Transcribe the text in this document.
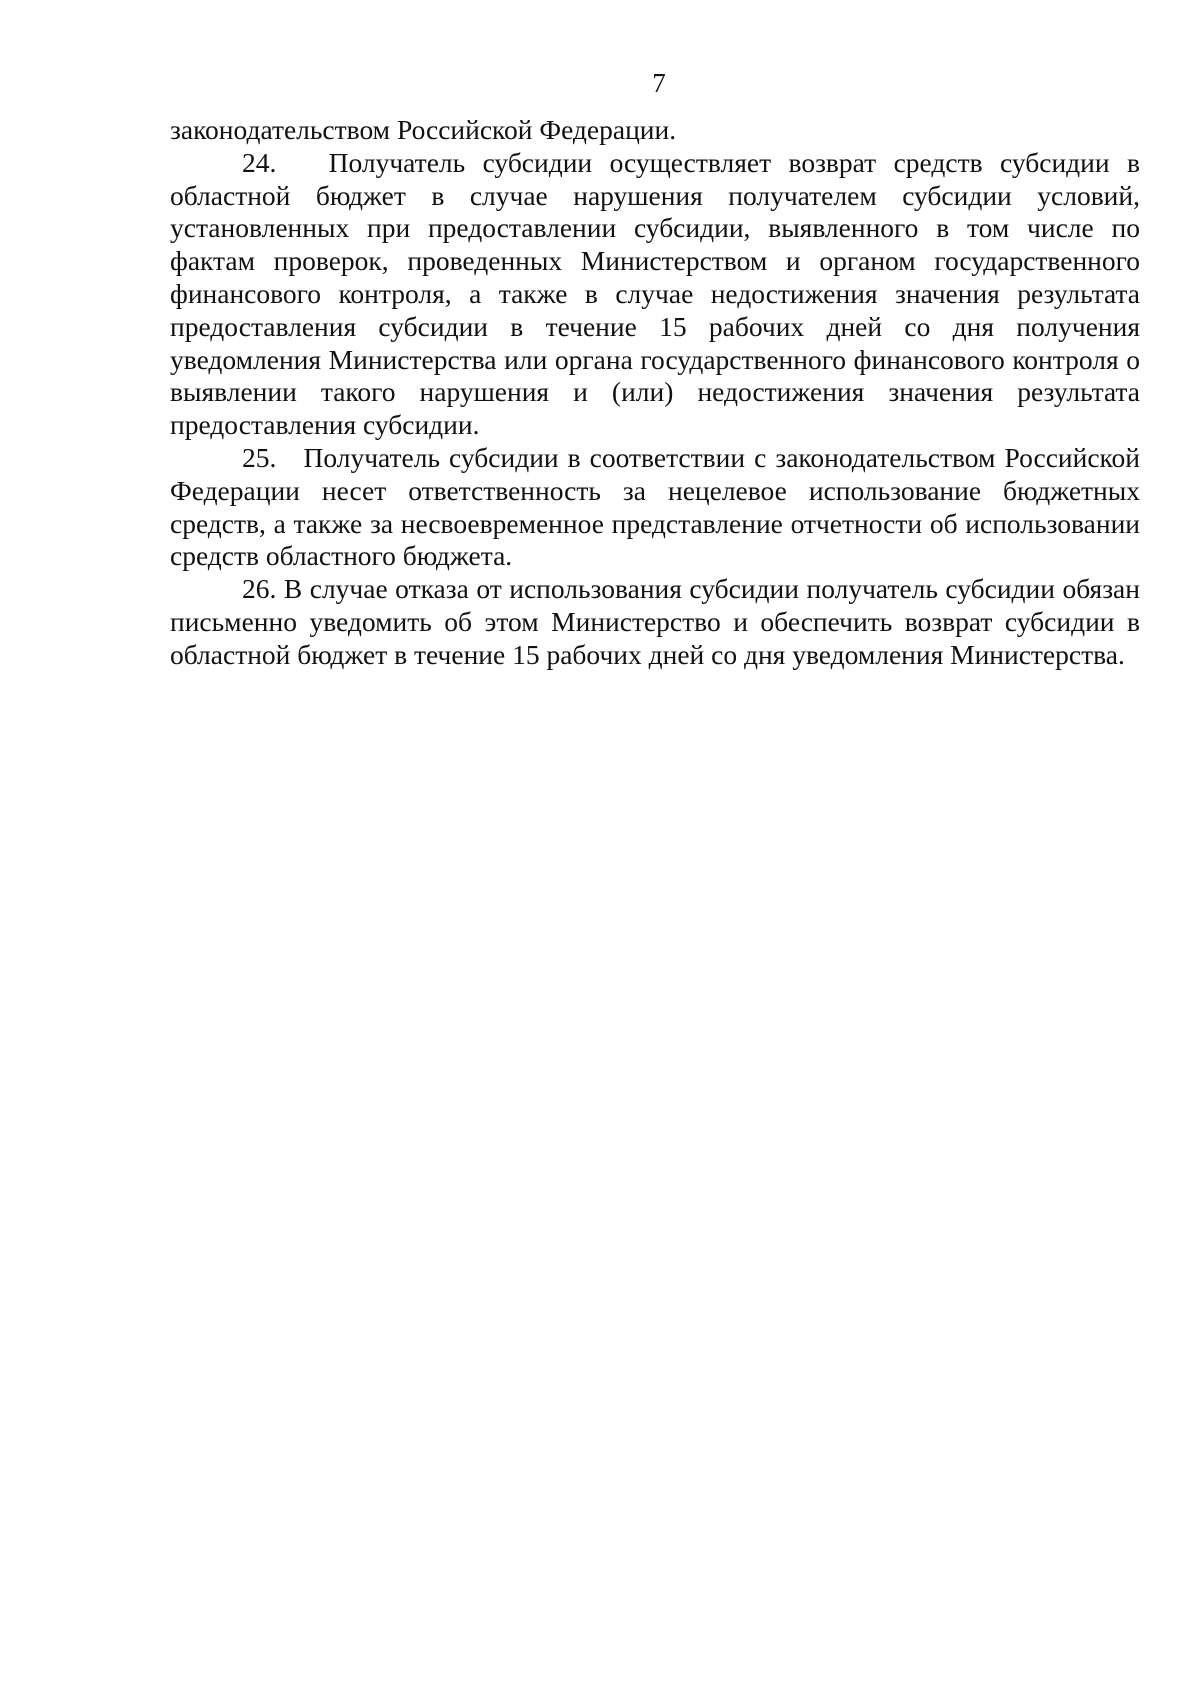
7

законодательством Российской Федерации.

24.   Получатель субсидии осуществляет возврат средств субсидии в областной бюджет в случае нарушения получателем субсидии условий, установленных при предоставлении субсидии, выявленного в том числе по фактам проверок, проведенных Министерством и органом государственного финансового контроля, а также в случае недостижения значения результата предоставления субсидии в течение 15 рабочих дней со дня получения уведомления Министерства или органа государственного финансового контроля о выявлении такого нарушения и (или) недостижения значения результата предоставления субсидии.

25.   Получатель субсидии в соответствии с законодательством Российской Федерации несет ответственность за нецелевое использование бюджетных средств, а также за несвоевременное представление отчетности об использовании средств областного бюджета.

26. В случае отказа от использования субсидии получатель субсидии обязан письменно уведомить об этом Министерство и обеспечить возврат субсидии в областной бюджет в течение 15 рабочих дней со дня уведомления Министерства.
